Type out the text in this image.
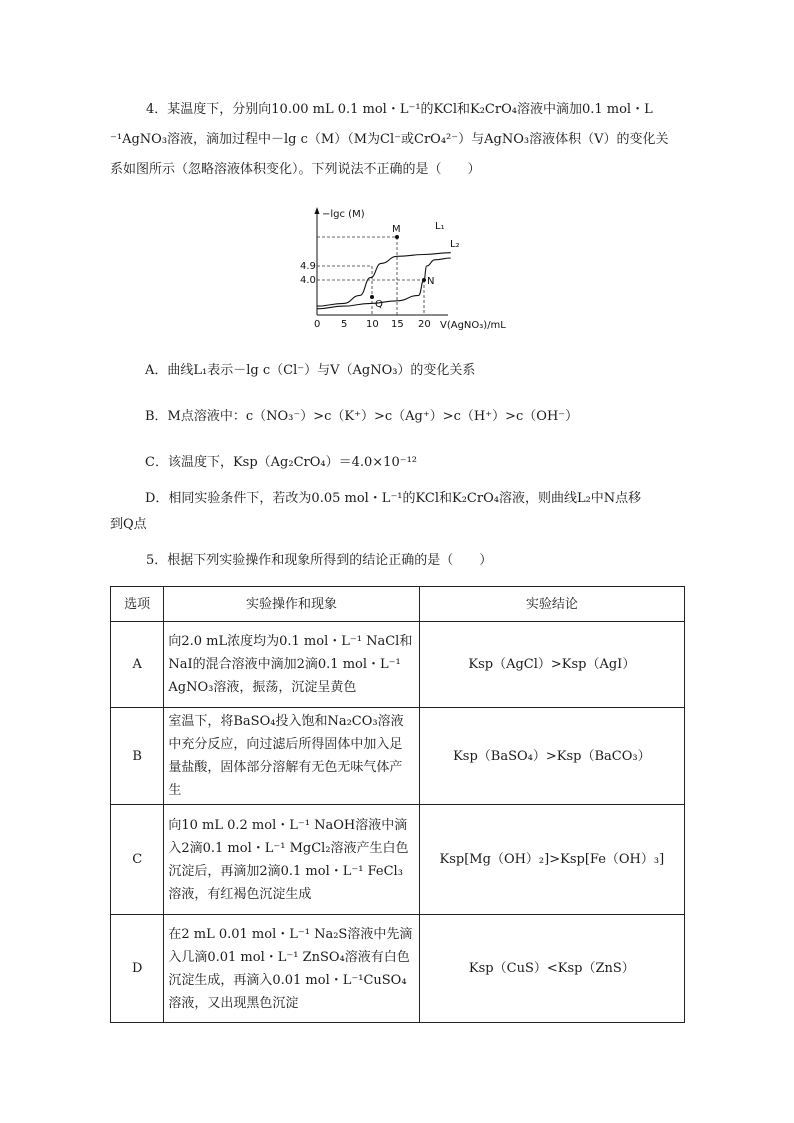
4．某温度下，分别向10.00 mL 0.1 mol・L⁻¹的KCl和K₂CrO₄溶液中滴加0.1 mol・L

⁻¹AgNO₃溶液，滴加过程中－lg c（M）（M为Cl⁻或CrO₄²⁻）与AgNO₃溶液体积（V）的变化关

系如图所示（忽略溶液体积变化）。下列说法不正确的是（　　）

−lgc (M)
V(AgNO₃)/mL
0 5 10 15 20
4.9
4.0
M
N
Q
L₁
L₂
A．曲线L₁表示－lg c（Cl⁻）与V（AgNO₃）的变化关系
B．M点溶液中：c（NO₃⁻）>c（K⁺）>c（Ag⁺）>c（H⁺）>c（OH⁻）
C．该温度下，Ksp（Ag₂CrO₄）＝4.0×10⁻¹²
D．相同实验条件下，若改为0.05 mol・L⁻¹的KCl和K₂CrO₄溶液，则曲线L₂中N点移
到Q点
5．根据下列实验操作和现象所得到的结论正确的是（　　）
选项	实验操作和现象	实验结论
A	向2.0 mL浓度均为0.1 mol・L⁻¹ NaCl和NaI的混合溶液中滴加2滴0.1 mol・L⁻¹ AgNO₃溶液，振荡，沉淀呈黄色	Ksp（AgCl）>Ksp（AgI）
B	室温下，将BaSO₄投入饱和Na₂CO₃溶液中充分反应，向过滤后所得固体中加入足量盐酸，固体部分溶解有无色无味气体产生	Ksp（BaSO₄）>Ksp（BaCO₃）
C	向10 mL 0.2 mol・L⁻¹ NaOH溶液中滴入2滴0.1 mol・L⁻¹ MgCl₂溶液产生白色沉淀后，再滴加2滴0.1 mol・L⁻¹ FeCl₃溶液，有红褐色沉淀生成	Ksp[Mg（OH）₂]>Ksp[Fe（OH）₃]
D	在2 mL 0.01 mol・L⁻¹ Na₂S溶液中先滴入几滴0.01 mol・L⁻¹ ZnSO₄溶液有白色沉淀生成，再滴入0.01 mol・L⁻¹CuSO₄溶液，又出现黑色沉淀	Ksp（CuS）<Ksp（ZnS）
